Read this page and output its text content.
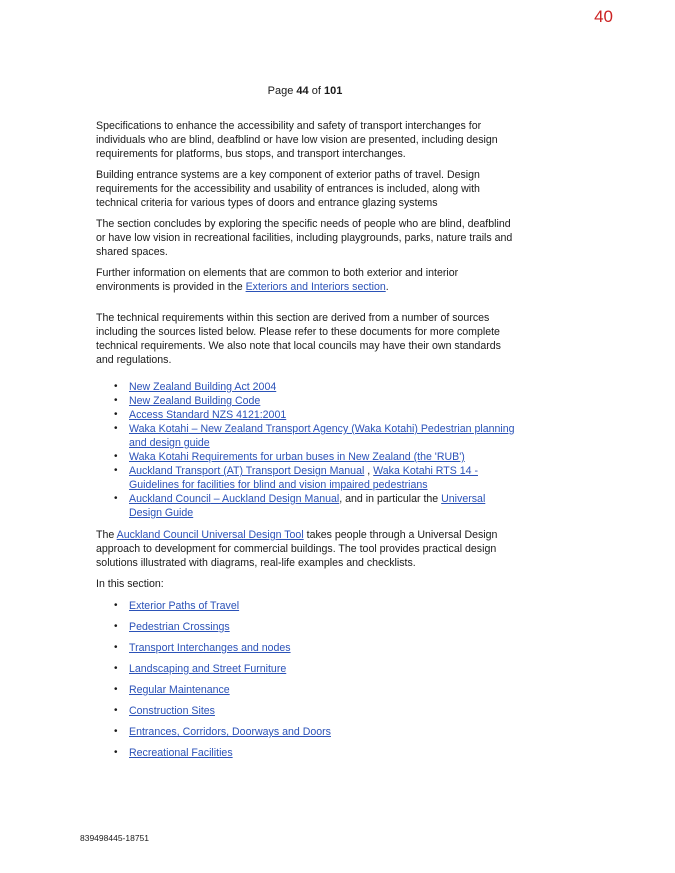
40
Page 44 of 101

Specifications to enhance the accessibility and safety of transport interchanges for individuals who are blind, deafblind or have low vision are presented, including design requirements for platforms, bus stops, and transport interchanges.

Building entrance systems are a key component of exterior paths of travel. Design requirements for the accessibility and usability of entrances is included, along with technical criteria for various types of doors and entrance glazing systems

The section concludes by exploring the specific needs of people who are blind, deafblind or have low vision in recreational facilities, including playgrounds, parks, nature trails and shared spaces.

Further information on elements that are common to both exterior and interior environments is provided in the Exteriors and Interiors section.

The technical requirements within this section are derived from a number of sources including the sources listed below. Please refer to these documents for more complete technical requirements. We also note that local councils may have their own standards and regulations.

• New Zealand Building Act 2004
• New Zealand Building Code
• Access Standard NZS 4121:2001
• Waka Kotahi – New Zealand Transport Agency (Waka Kotahi) Pedestrian planning and design guide
• Waka Kotahi Requirements for urban buses in New Zealand (the 'RUB')
• Auckland Transport (AT) Transport Design Manual , Waka Kotahi RTS 14 - Guidelines for facilities for blind and vision impaired pedestrians
• Auckland Council – Auckland Design Manual, and in particular the Universal Design Guide

The Auckland Council Universal Design Tool takes people through a Universal Design approach to development for commercial buildings. The tool provides practical design solutions illustrated with diagrams, real-life examples and checklists.

In this section:

• Exterior Paths of Travel
• Pedestrian Crossings
• Transport Interchanges and nodes
• Landscaping and Street Furniture
• Regular Maintenance
• Construction Sites
• Entrances, Corridors, Doorways and Doors
• Recreational Facilities
839498445-18751
